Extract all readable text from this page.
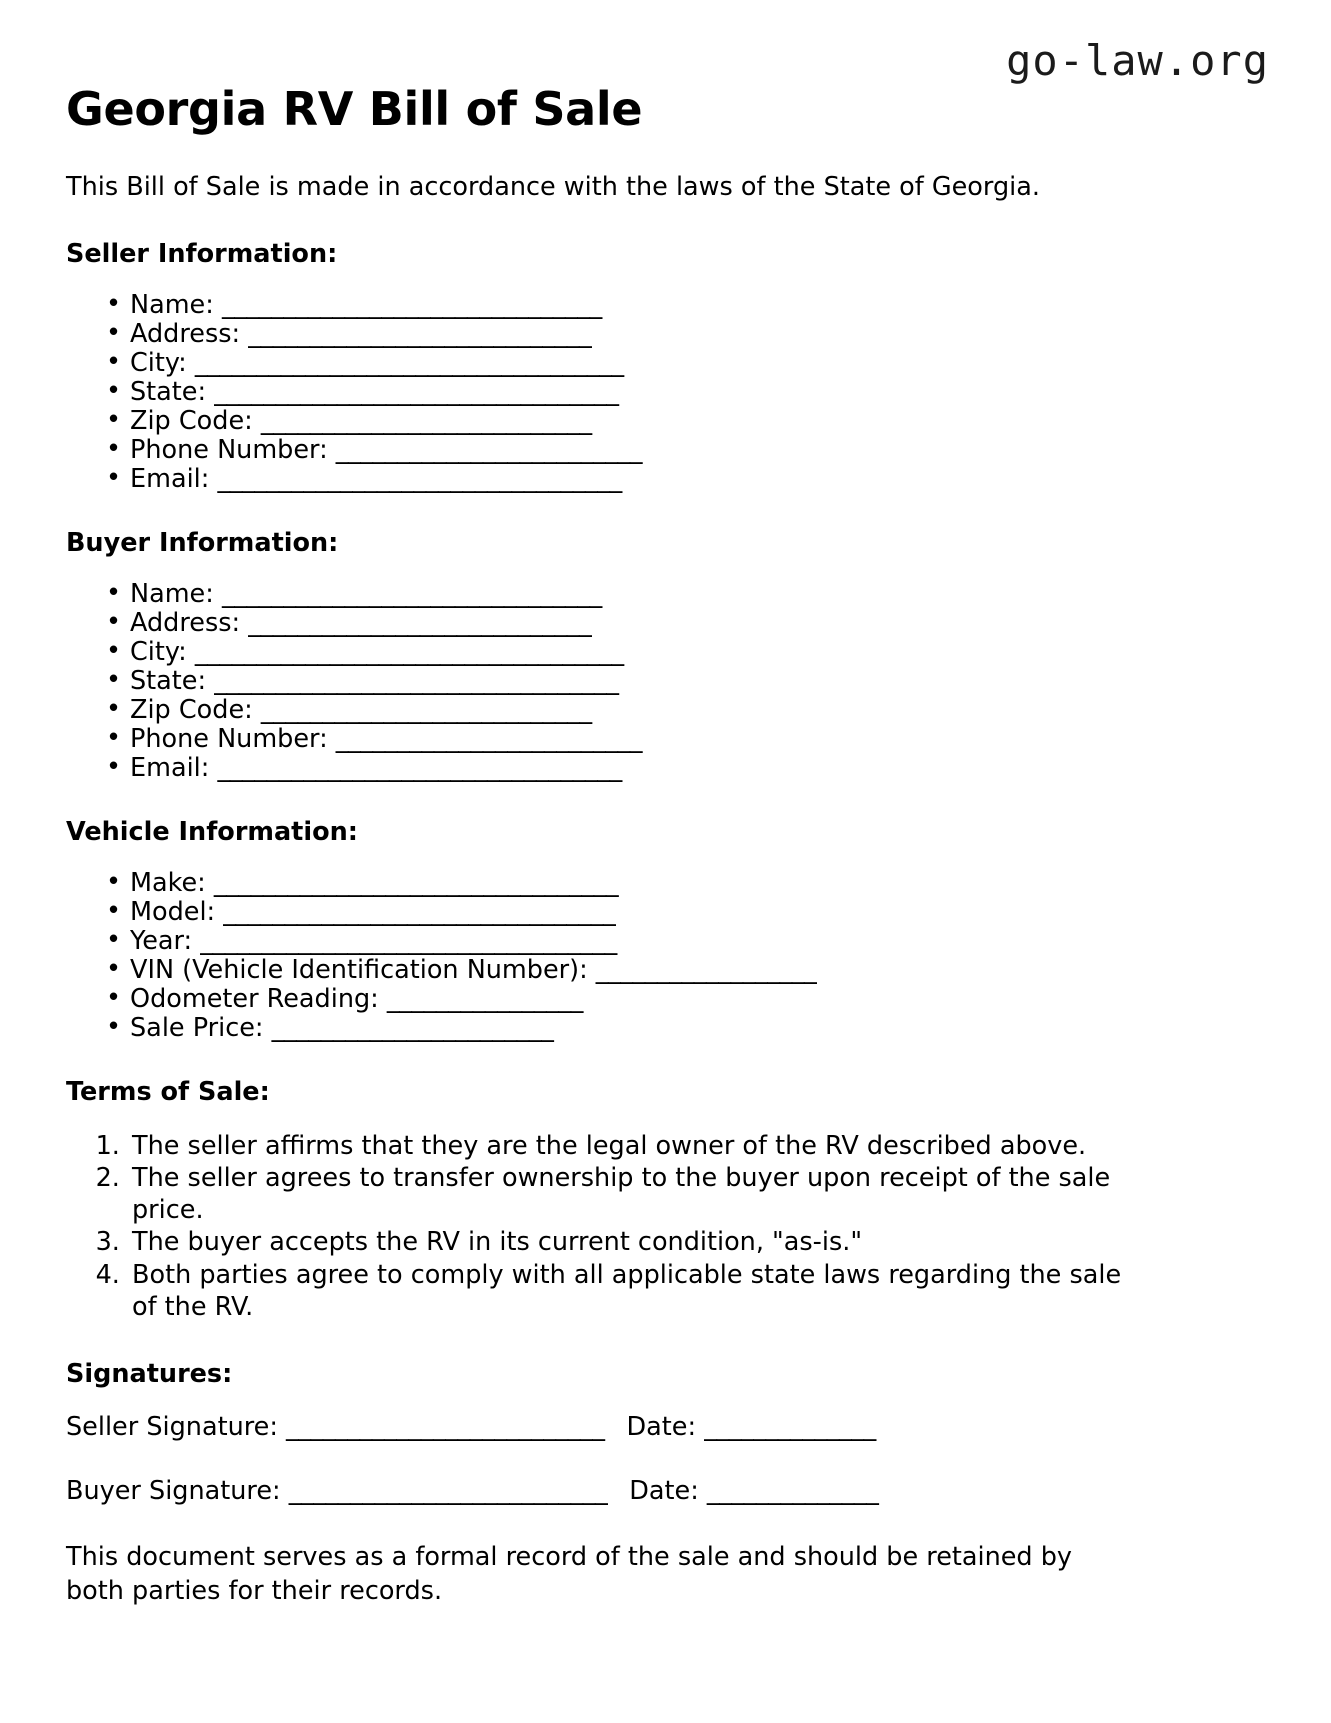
go-law.org
Georgia RV Bill of Sale

This Bill of Sale is made in accordance with the laws of the State of Georgia.

Seller Information:
• Name: _______________________________
• Address: ____________________________
• City: ___________________________________
• State: _________________________________
• Zip Code: ___________________________
• Phone Number: _________________________
• Email: _________________________________
Buyer Information:
• Name: _______________________________
• Address: ____________________________
• City: ___________________________________
• State: _________________________________
• Zip Code: ___________________________
• Phone Number: _________________________
• Email: _________________________________
Vehicle Information:
• Make: _________________________________
• Model: ________________________________
• Year: __________________________________
• VIN (Vehicle Identification Number): __________________
• Odometer Reading: ________________
• Sale Price: _______________________
Terms of Sale:
1. The seller affirms that they are the legal owner of the RV described above.
2. The seller agrees to transfer ownership to the buyer upon receipt of the sale price.
3. The buyer accepts the RV in its current condition, "as-is."
4. Both parties agree to comply with all applicable state laws regarding the sale of the RV.
Signatures:
Seller Signature: __________________________ Date: ______________
Buyer Signature: __________________________ Date: ______________

This document serves as a formal record of the sale and should be retained by both parties for their records.
